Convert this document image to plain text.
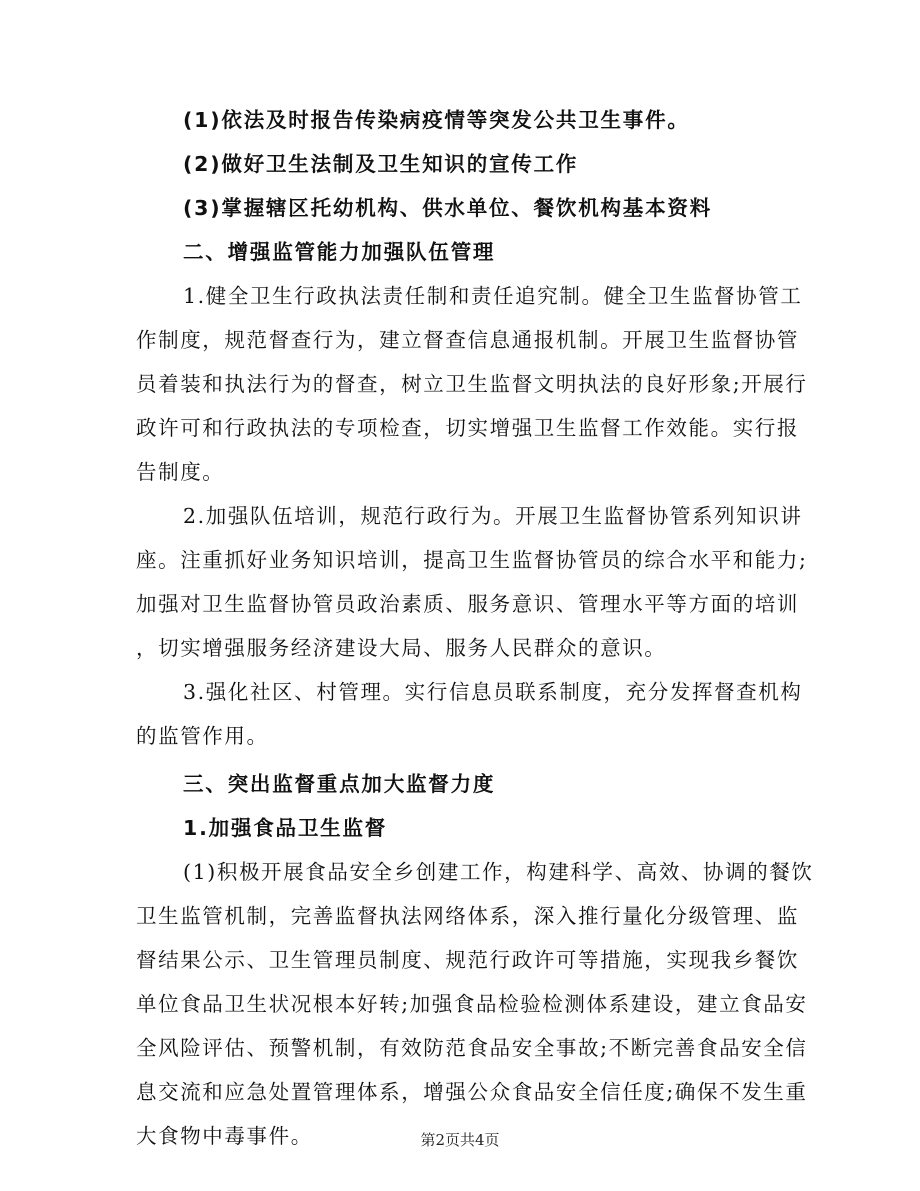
(1)依法及时报告传染病疫情等突发公共卫生事件。
(2)做好卫生法制及卫生知识的宣传工作
(3)掌握辖区托幼机构、供水单位、餐饮机构基本资料
二、增强监管能力加强队伍管理
1.健全卫生行政执法责任制和责任追究制。健全卫生监督协管工
作制度，规范督查行为，建立督查信息通报机制。开展卫生监督协管
员着装和执法行为的督查，树立卫生监督文明执法的良好形象;开展行
政许可和行政执法的专项检查，切实增强卫生监督工作效能。实行报
告制度。
2.加强队伍培训，规范行政行为。开展卫生监督协管系列知识讲
座。注重抓好业务知识培训，提高卫生监督协管员的综合水平和能力;
加强对卫生监督协管员政治素质、服务意识、管理水平等方面的培训
，切实增强服务经济建设大局、服务人民群众的意识。
3.强化社区、村管理。实行信息员联系制度，充分发挥督查机构
的监管作用。
三、突出监督重点加大监督力度
1.加强食品卫生监督
(1)积极开展食品安全乡创建工作，构建科学、高效、协调的餐饮
卫生监管机制，完善监督执法网络体系，深入推行量化分级管理、监
督结果公示、卫生管理员制度、规范行政许可等措施，实现我乡餐饮
单位食品卫生状况根本好转;加强食品检验检测体系建设，建立食品安
全风险评估、预警机制，有效防范食品安全事故;不断完善食品安全信
息交流和应急处置管理体系，增强公众食品安全信任度;确保不发生重
大食物中毒事件。	第2页共4页
